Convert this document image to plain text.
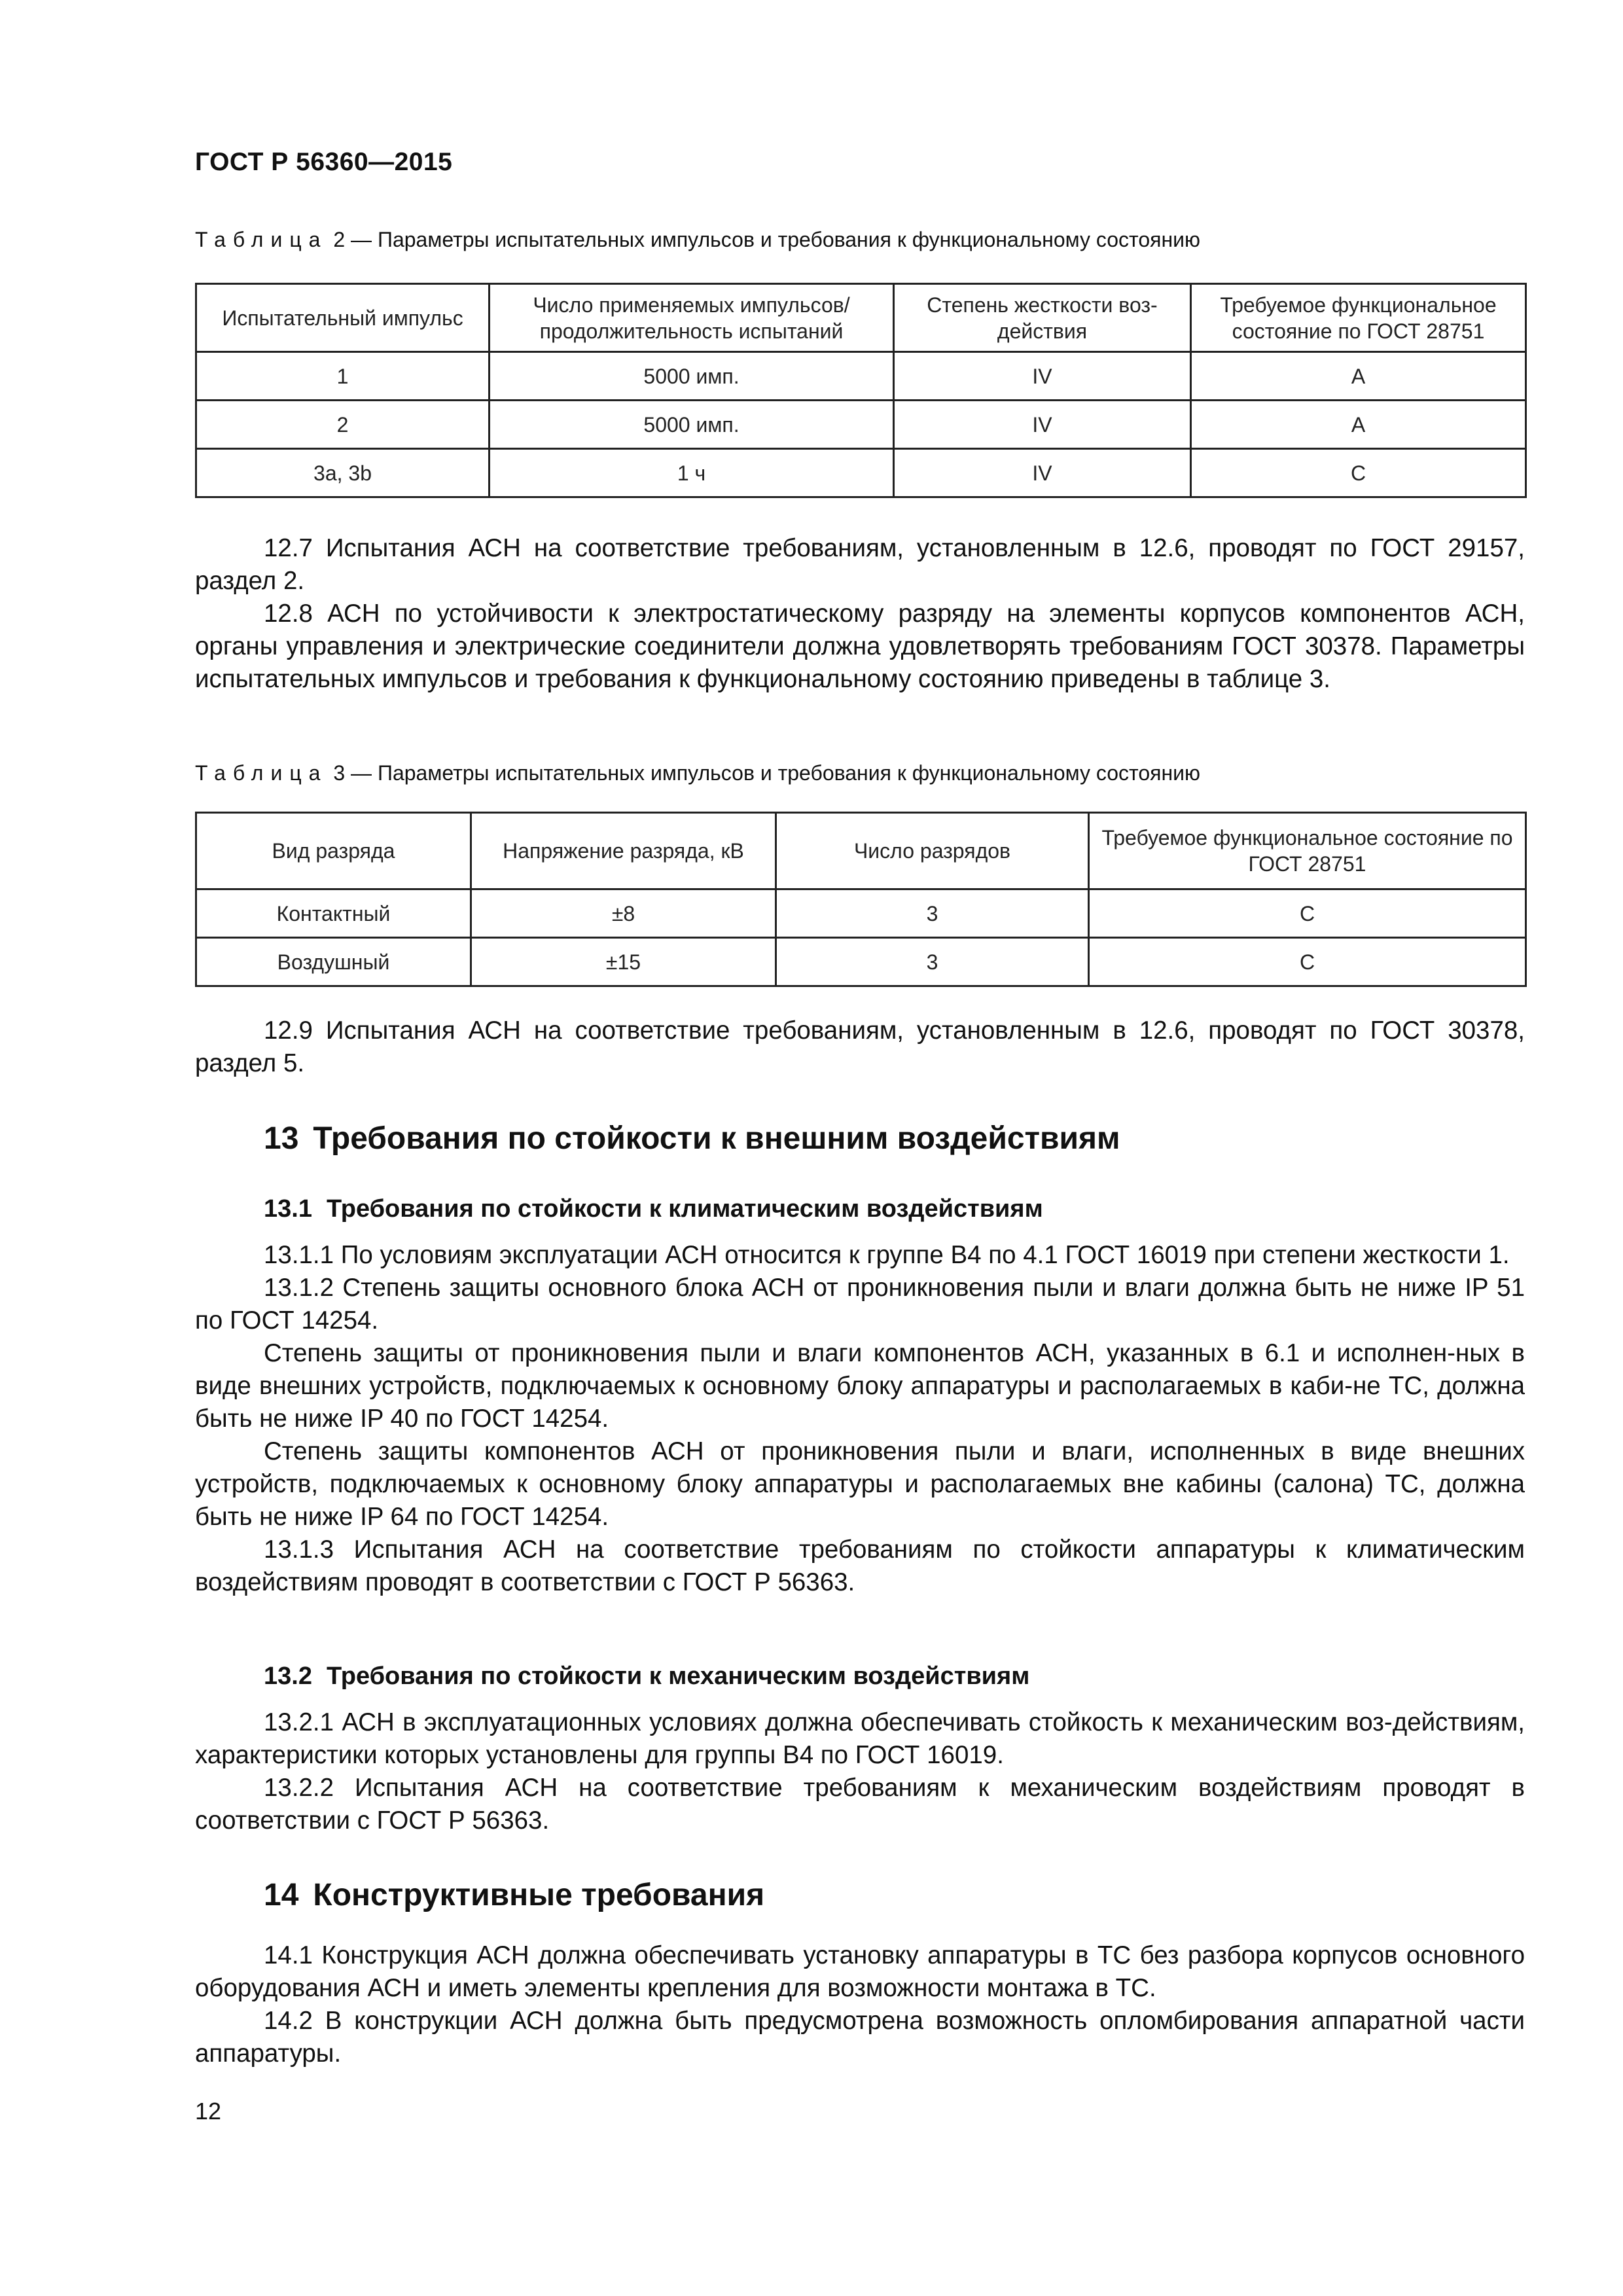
ГОСТ Р 56360—2015
Таблица 2 — Параметры испытательных импульсов и требования к функциональному состоянию
Испытательный импульс	Число применяемых импульсов/ продолжительность испытаний	Степень жесткости воз-действия	Требуемое функциональное состояние по ГОСТ 28751
1	5000 имп.	IV	A
2	5000 имп.	IV	A
3a, 3b	1 ч	IV	C

12.7 Испытания АСН на соответствие требованиям, установленным в 12.6, проводят по ГОСТ 29157, раздел 2.

12.8 АСН по устойчивости к электростатическому разряду на элементы корпусов компонентов АСН, органы управления и электрические соединители должна удовлетворять требованиям ГОСТ 30378. Параметры испытательных импульсов и требования к функциональному состоянию приведены в таблице 3.

Таблица 3 — Параметры испытательных импульсов и требования к функциональному состоянию
Вид разряда	Напряжение разряда, кВ	Число разрядов	Требуемое функциональное состояние по ГОСТ 28751
Контактный	±8	3	C
Воздушный	±15	3	C

12.9 Испытания АСН на соответствие требованиям, установленным в 12.6, проводят по ГОСТ 30378, раздел 5.

13 Требования по стойкости к внешним воздействиям
13.1 Требования по стойкости к климатическим воздействиям

13.1.1 По условиям эксплуатации АСН относится к группе В4 по 4.1 ГОСТ 16019 при степени жесткости 1.

13.1.2 Степень защиты основного блока АСН от проникновения пыли и влаги должна быть не ниже IP 51 по ГОСТ 14254.

Степень защиты от проникновения пыли и влаги компонентов АСН, указанных в 6.1 и исполнен-ных в виде внешних устройств, подключаемых к основному блоку аппаратуры и располагаемых в каби-не ТС, должна быть не ниже IP 40 по ГОСТ 14254.

Степень защиты компонентов АСН от проникновения пыли и влаги, исполненных в виде внешних устройств, подключаемых к основному блоку аппаратуры и располагаемых вне кабины (салона) ТС, должна быть не ниже IP 64 по ГОСТ 14254.

13.1.3 Испытания АСН на соответствие требованиям по стойкости аппаратуры к климатическим воздействиям проводят в соответствии с ГОСТ Р 56363.

13.2 Требования по стойкости к механическим воздействиям

13.2.1 АСН в эксплуатационных условиях должна обеспечивать стойкость к механическим воз-действиям, характеристики которых установлены для группы В4 по ГОСТ 16019.

13.2.2 Испытания АСН на соответствие требованиям к механическим воздействиям проводят в соответствии с ГОСТ Р 56363.

14 Конструктивные требования

14.1 Конструкция АСН должна обеспечивать установку аппаратуры в ТС без разбора корпусов основного оборудования АСН и иметь элементы крепления для возможности монтажа в ТС.

14.2 В конструкции АСН должна быть предусмотрена возможность опломбирования аппаратной части аппаратуры.

12
